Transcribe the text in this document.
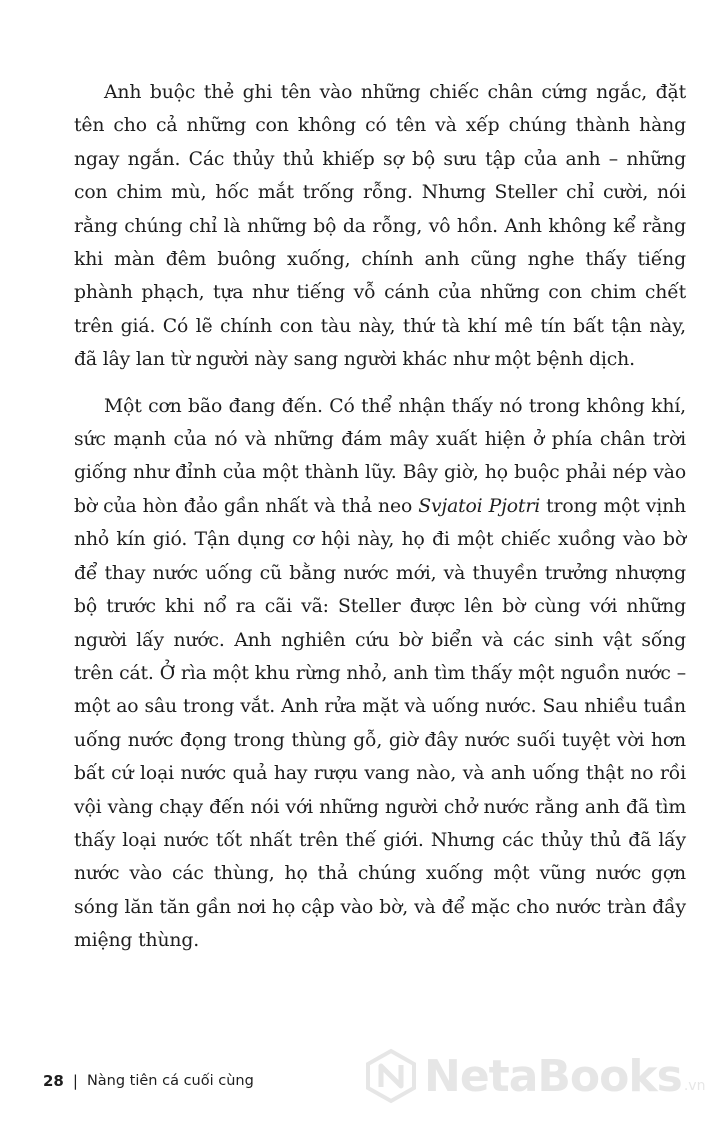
Anh buộc thẻ ghi tên vào những chiếc chân cứng ngắc, đặt tên cho cả những con không có tên và xếp chúng thành hàng ngay ngắn. Các thủy thủ khiếp sợ bộ sưu tập của anh – những con chim mù, hốc mắt trống rỗng. Nhưng Steller chỉ cười, nói rằng chúng chỉ là những bộ da rỗng, vô hồn. Anh không kể rằng khi màn đêm buông xuống, chính anh cũng nghe thấy tiếng phành phạch, tựa như tiếng vỗ cánh của những con chim chết trên giá. Có lẽ chính con tàu này, thứ tà khí mê tín bất tận này, đã lây lan từ người này sang người khác như một bệnh dịch.

Một cơn bão đang đến. Có thể nhận thấy nó trong không khí, sức mạnh của nó và những đám mây xuất hiện ở phía chân trời giống như đỉnh của một thành lũy. Bây giờ, họ buộc phải nép vào bờ của hòn đảo gần nhất và thả neo Svjatoi Pjotri trong một vịnh nhỏ kín gió. Tận dụng cơ hội này, họ đi một chiếc xuồng vào bờ để thay nước uống cũ bằng nước mới, và thuyền trưởng nhượng bộ trước khi nổ ra cãi vã: Steller được lên bờ cùng với những người lấy nước. Anh nghiên cứu bờ biển và các sinh vật sống trên cát. Ở rìa một khu rừng nhỏ, anh tìm thấy một nguồn nước – một ao sâu trong vắt. Anh rửa mặt và uống nước. Sau nhiều tuần uống nước đọng trong thùng gỗ, giờ đây nước suối tuyệt vời hơn bất cứ loại nước quả hay rượu vang nào, và anh uống thật no rồi vội vàng chạy đến nói với những người chở nước rằng anh đã tìm thấy loại nước tốt nhất trên thế giới. Nhưng các thủy thủ đã lấy nước vào các thùng, họ thả chúng xuống một vũng nước gợn sóng lăn tăn gần nơi họ cập vào bờ, và để mặc cho nước tràn đầy miệng thùng.

28 | Nàng tiên cá cuối cùng	NetaBooks .vn
